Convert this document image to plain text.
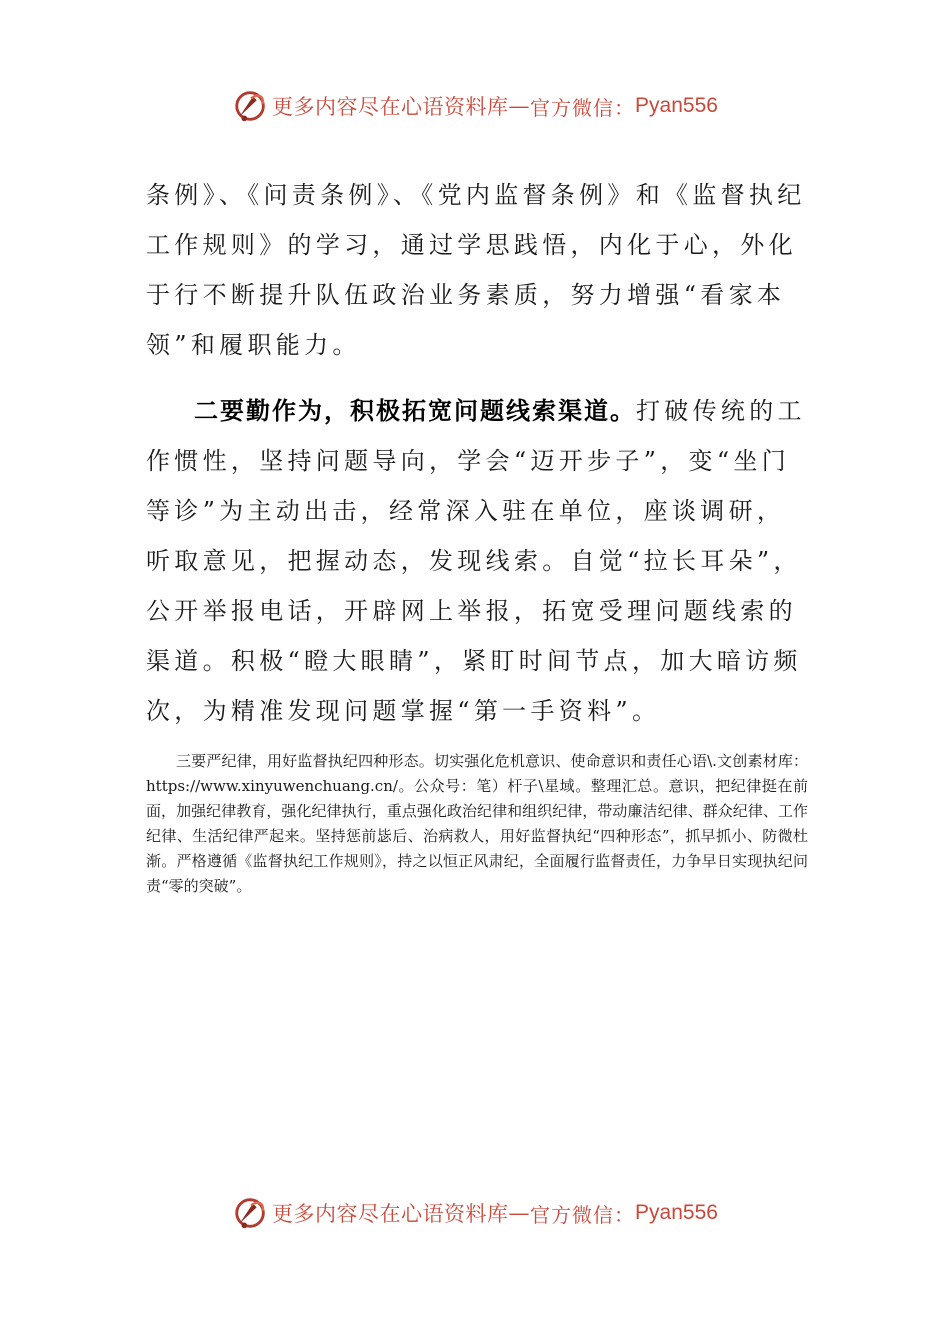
更多内容尽在心语资料库 — 官方微信： Pyan556
条例》、《问责条例》、《党内监督条例》和《监督执纪工作规则》的学习，通过学思践悟，内化于心，外化于行不断提升队伍政治业务素质，努力增强“看家本领”和履职能力。
二要勤作为，积极拓宽问题线索渠道。打破传统的工作惯性，坚持问题导向，学会“迈开步子”，变“坐门等诊”为主动出击，经常深入驻在单位，座谈调研，听取意见，把握动态，发现线索。自觉“拉长耳朵”，公开举报电话，开辟网上举报，拓宽受理问题线索的渠道。积极“瞪大眼睛”，紧盯时间节点，加大暗访频次，为精准发现问题掌握“第一手资料”。
三要严纪律，用好监督执纪四种形态。切实强化危机意识、使命意识和责任心语\.文创素材库：https://www.xinyuwenchuang.cn/。公众号：笔）杆子\星域。整理汇总。意识，把纪律挺在前面，加强纪律教育，强化纪律执行，重点强化政治纪律和组织纪律，带动廉洁纪律、群众纪律、工作纪律、生活纪律严起来。坚持惩前毖后、治病救人，用好监督执纪“四种形态”，抓早抓小、防微杜渐。严格遵循《监督执纪工作规则》，持之以恒正风肃纪，全面履行监督责任，力争早日实现执纪问责“零的突破”。
更多内容尽在心语资料库 — 官方微信： Pyan556
